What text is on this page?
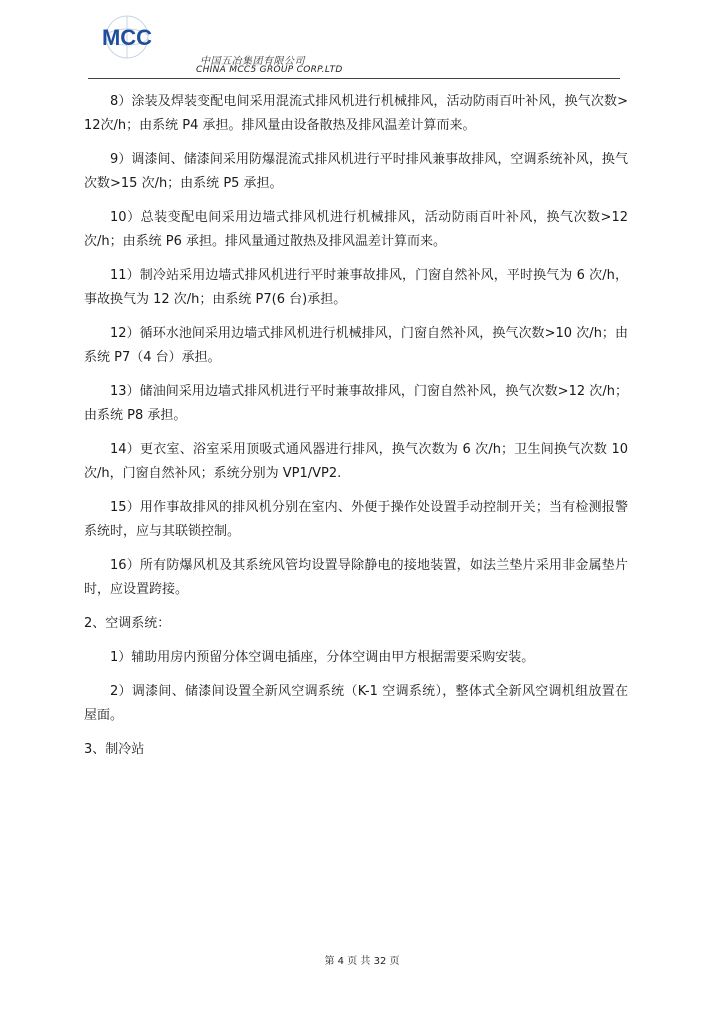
MCC
中国五冶集团有限公司
CHINA MCC5 GROUP CORP.LTD

8）涂装及焊装变配电间采用混流式排风机进行机械排风，活动防雨百叶补风，换气次数>12次/h；由系统 P4 承担。排风量由设备散热及排风温差计算而来。

9）调漆间、储漆间采用防爆混流式排风机进行平时排风兼事故排风，空调系统补风，换气次数>15 次/h；由系统 P5 承担。

10）总装变配电间采用边墙式排风机进行机械排风，活动防雨百叶补风，换气次数>12 次/h；由系统 P6 承担。排风量通过散热及排风温差计算而来。

11）制冷站采用边墙式排风机进行平时兼事故排风，门窗自然补风，平时换气为 6 次/h，事故换气为 12 次/h；由系统 P7(6 台)承担。

12）循环水池间采用边墙式排风机进行机械排风，门窗自然补风，换气次数>10 次/h；由系统 P7（4 台）承担。

13）储油间采用边墙式排风机进行平时兼事故排风，门窗自然补风，换气次数>12 次/h；由系统 P8 承担。

14）更衣室、浴室采用顶吸式通风器进行排风，换气次数为 6 次/h；卫生间换气次数 10 次/h，门窗自然补风；系统分别为 VP1/VP2.

15）用作事故排风的排风机分别在室内、外便于操作处设置手动控制开关；当有检测报警系统时，应与其联锁控制。

16）所有防爆风机及其系统风管均设置导除静电的接地装置，如法兰垫片采用非金属垫片时，应设置跨接。

2、空调系统：

1）辅助用房内预留分体空调电插座，分体空调由甲方根据需要采购安装。

2）调漆间、储漆间设置全新风空调系统（K-1 空调系统），整体式全新风空调机组放置在屋面。

3、制冷站

第 4 页 共 32 页
